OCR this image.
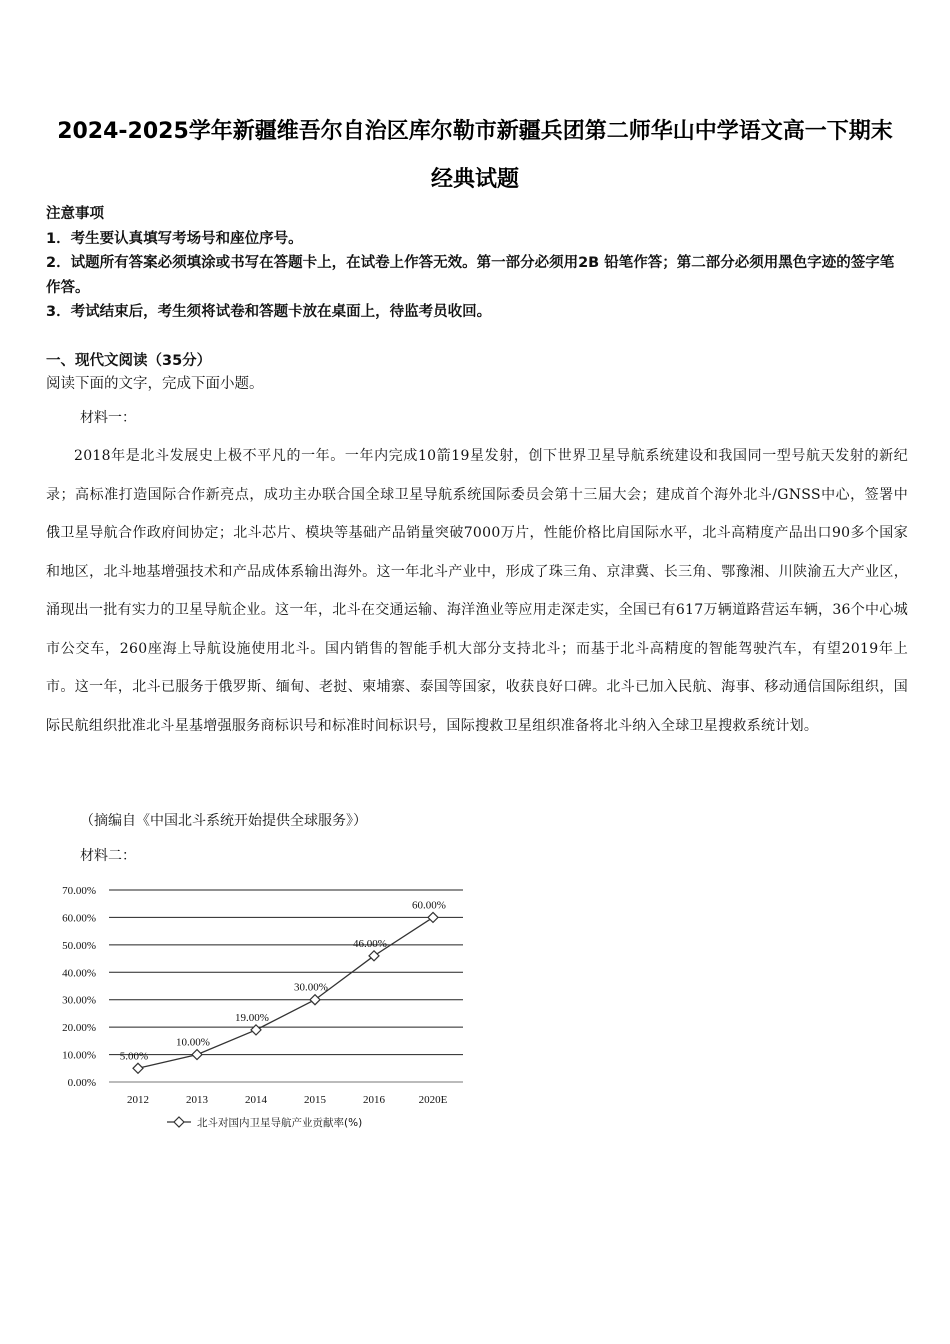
2024-2025学年新疆维吾尔自治区库尔勒市新疆兵团第二师华山中学语文高一下期末
经典试题
注意事项
1．考生要认真填写考场号和座位序号。
2．试题所有答案必须填涂或书写在答题卡上，在试卷上作答无效。第一部分必须用2B 铅笔作答；第二部分必须用黑色字迹的签字笔作答。
3．考试结束后，考生须将试卷和答题卡放在桌面上，待监考员收回。
一、现代文阅读（35分）
阅读下面的文字，完成下面小题。
材料一：
2018年是北斗发展史上极不平凡的一年。一年内完成10箭19星发射，创下世界卫星导航系统建设和我国同一型号航天发射的新纪录；高标准打造国际合作新亮点，成功主办联合国全球卫星导航系统国际委员会第十三届大会；建成首个海外北斗/GNSS中心，签署中俄卫星导航合作政府间协定；北斗芯片、模块等基础产品销量突破7000万片，性能价格比肩国际水平，北斗高精度产品出口90多个国家和地区，北斗地基增强技术和产品成体系输出海外。这一年北斗产业中，形成了珠三角、京津冀、长三角、鄂豫湘、川陕渝五大产业区，涌现出一批有实力的卫星导航企业。这一年，北斗在交通运输、海洋渔业等应用走深走实，全国已有617万辆道路营运车辆，36个中心城市公交车，260座海上导航设施使用北斗。国内销售的智能手机大部分支持北斗；而基于北斗高精度的智能驾驶汽车，有望2019年上市。这一年，北斗已服务于俄罗斯、缅甸、老挝、柬埔寨、泰国等国家，收获良好口碑。北斗已加入民航、海事、移动通信国际组织，国际民航组织批准北斗星基增强服务商标识号和标准时间标识号，国际搜救卫星组织准备将北斗纳入全球卫星搜救系统计划。
（摘编自《中国北斗系统开始提供全球服务》）
材料二：
0.00%
10.00%
20.00%
30.00%
40.00%
50.00%
60.00%
70.00%
2012	2013	2014	2015	2016	2020E
5.00%
10.00%
19.00%
30.00%
46.00%
60.00%
北斗对国内卫星导航产业贡献率(%)
